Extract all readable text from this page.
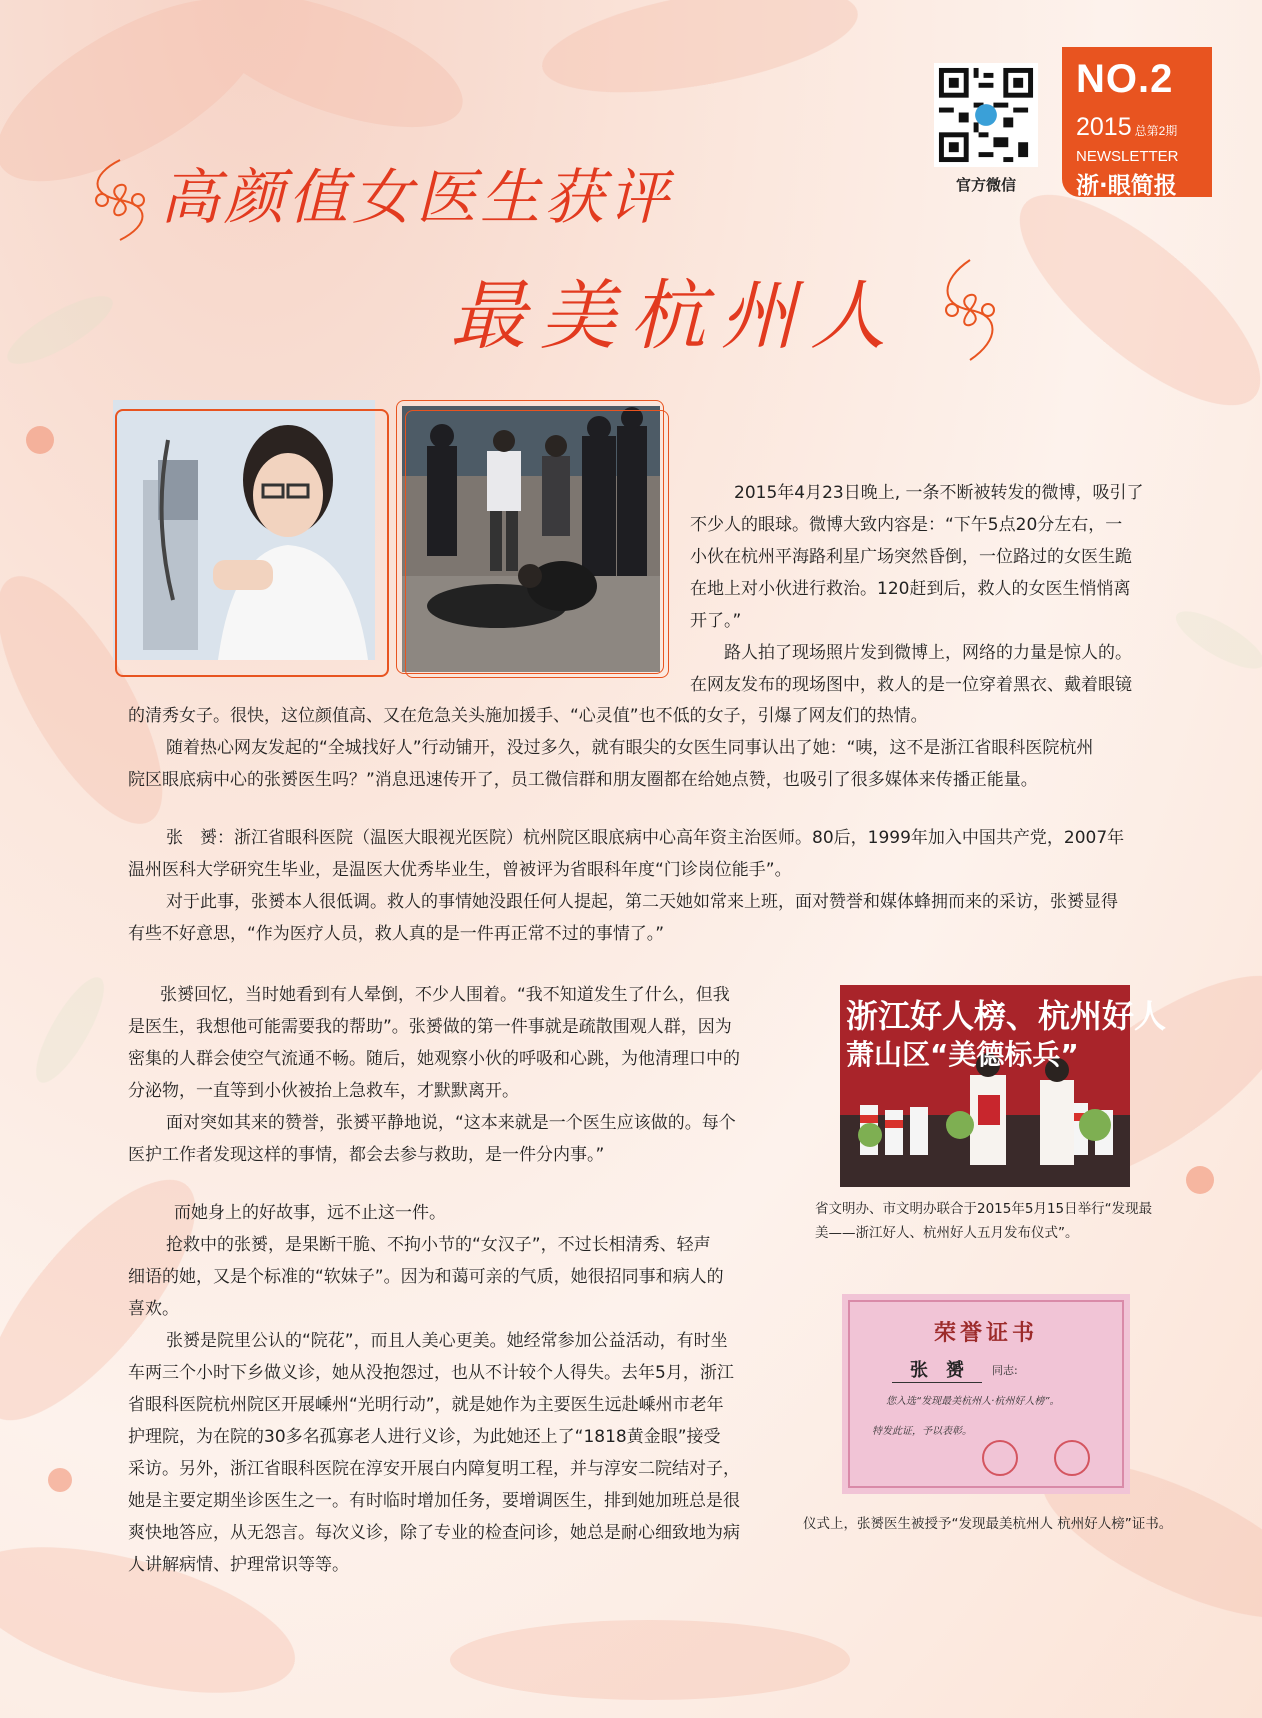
官方微信
NO.2
2015 总第2期
NEWSLETTER
浙·眼简报
高颜值女医生获评
最美杭州人

2015年4月23日晚上, 一条不断被转发的微博，吸引了

不少人的眼球。微博大致内容是：“下午5点20分左右，一

小伙在杭州平海路利星广场突然昏倒，一位路过的女医生跪

在地上对小伙进行救治。120赶到后，救人的女医生悄悄离

开了。”

路人拍了现场照片发到微博上，网络的力量是惊人的。

在网友发布的现场图中，救人的是一位穿着黑衣、戴着眼镜

的清秀女子。很快，这位颜值高、又在危急关头施加援手、“心灵值”也不低的女子，引爆了网友们的热情。

随着热心网友发起的“全城找好人”行动铺开，没过多久，就有眼尖的女医生同事认出了她：“咦，这不是浙江省眼科医院杭州

院区眼底病中心的张赟医生吗？”消息迅速传开了，员工微信群和朋友圈都在给她点赞，也吸引了很多媒体来传播正能量。

张　赟：浙江省眼科医院（温医大眼视光医院）杭州院区眼底病中心高年资主治医师。80后，1999年加入中国共产党，2007年

温州医科大学研究生毕业，是温医大优秀毕业生，曾被评为省眼科年度“门诊岗位能手”。

对于此事，张赟本人很低调。救人的事情她没跟任何人提起，第二天她如常来上班，面对赞誉和媒体蜂拥而来的采访，张赟显得

有些不好意思，“作为医疗人员，救人真的是一件再正常不过的事情了。”

张赟回忆，当时她看到有人晕倒，不少人围着。“我不知道发生了什么，但我

是医生，我想他可能需要我的帮助”。张赟做的第一件事就是疏散围观人群，因为

密集的人群会使空气流通不畅。随后，她观察小伙的呼吸和心跳，为他清理口中的

分泌物，一直等到小伙被抬上急救车，才默默离开。

面对突如其来的赞誉，张赟平静地说，“这本来就是一个医生应该做的。每个

医护工作者发现这样的事情，都会去参与救助，是一件分内事。”

而她身上的好故事，远不止这一件。

抢救中的张赟，是果断干脆、不拘小节的“女汉子”，不过长相清秀、轻声

细语的她，又是个标准的“软妹子”。因为和蔼可亲的气质，她很招同事和病人的

喜欢。

张赟是院里公认的“院花”，而且人美心更美。她经常参加公益活动，有时坐

车两三个小时下乡做义诊，她从没抱怨过，也从不计较个人得失。去年5月，浙江

省眼科医院杭州院区开展嵊州“光明行动”，就是她作为主要医生远赴嵊州市老年

护理院，为在院的30多名孤寡老人进行义诊，为此她还上了“1818黄金眼”接受

采访。另外，浙江省眼科医院在淳安开展白内障复明工程，并与淳安二院结对子，

她是主要定期坐诊医生之一。有时临时增加任务，要增调医生，排到她加班总是很

爽快地答应，从无怨言。每次义诊，除了专业的检查问诊，她总是耐心细致地为病

人讲解病情、护理常识等等。

浙江好人榜、杭州好人
萧山区“美德标兵”
省文明办、市文明办联合于2015年5月15日举行“发现最
美——浙江好人、杭州好人五月发布仪式”。
荣誉证书
张　赟	同志:
您入选“发现最美杭州人·杭州好人榜”。
特发此证，予以表彰。
仪式上，张赟医生被授予“发现最美杭州人 杭州好人榜”证书。
